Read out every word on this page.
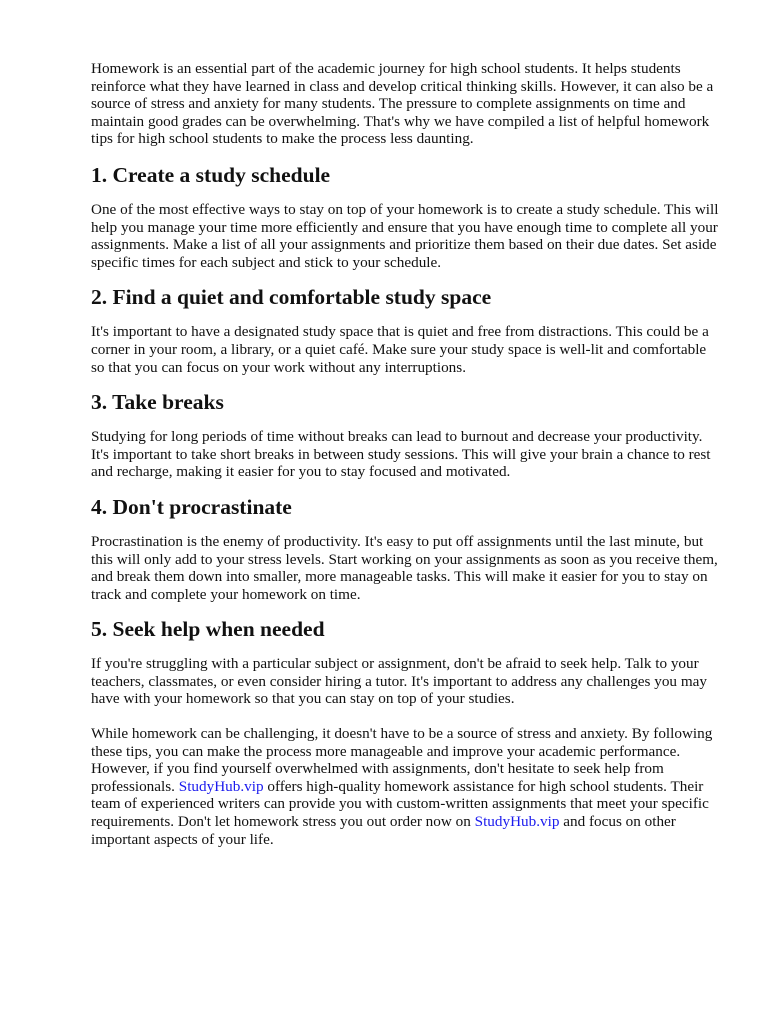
Homework is an essential part of the academic journey for high school students. It helps students reinforce what they have learned in class and develop critical thinking skills. However, it can also be a source of stress and anxiety for many students. The pressure to complete assignments on time and maintain good grades can be overwhelming. That's why we have compiled a list of helpful homework tips for high school students to make the process less daunting.

1. Create a study schedule

One of the most effective ways to stay on top of your homework is to create a study schedule. This will help you manage your time more efficiently and ensure that you have enough time to complete all your assignments. Make a list of all your assignments and prioritize them based on their due dates. Set aside specific times for each subject and stick to your schedule.

2. Find a quiet and comfortable study space

It's important to have a designated study space that is quiet and free from distractions. This could be a corner in your room, a library, or a quiet café. Make sure your study space is well-lit and comfortable so that you can focus on your work without any interruptions.

3. Take breaks

Studying for long periods of time without breaks can lead to burnout and decrease your productivity. It's important to take short breaks in between study sessions. This will give your brain a chance to rest and recharge, making it easier for you to stay focused and motivated.

4. Don't procrastinate

Procrastination is the enemy of productivity. It's easy to put off assignments until the last minute, but this will only add to your stress levels. Start working on your assignments as soon as you receive them, and break them down into smaller, more manageable tasks. This will make it easier for you to stay on track and complete your homework on time.

5. Seek help when needed

If you're struggling with a particular subject or assignment, don't be afraid to seek help. Talk to your teachers, classmates, or even consider hiring a tutor. It's important to address any challenges you may have with your homework so that you can stay on top of your studies.

While homework can be challenging, it doesn't have to be a source of stress and anxiety. By following these tips, you can make the process more manageable and improve your academic performance. However, if you find yourself overwhelmed with assignments, don't hesitate to seek help from professionals. StudyHub.vip offers high-quality homework assistance for high school students. Their team of experienced writers can provide you with custom-written assignments that meet your specific requirements. Don't let homework stress you out order now on StudyHub.vip and focus on other important aspects of your life.
